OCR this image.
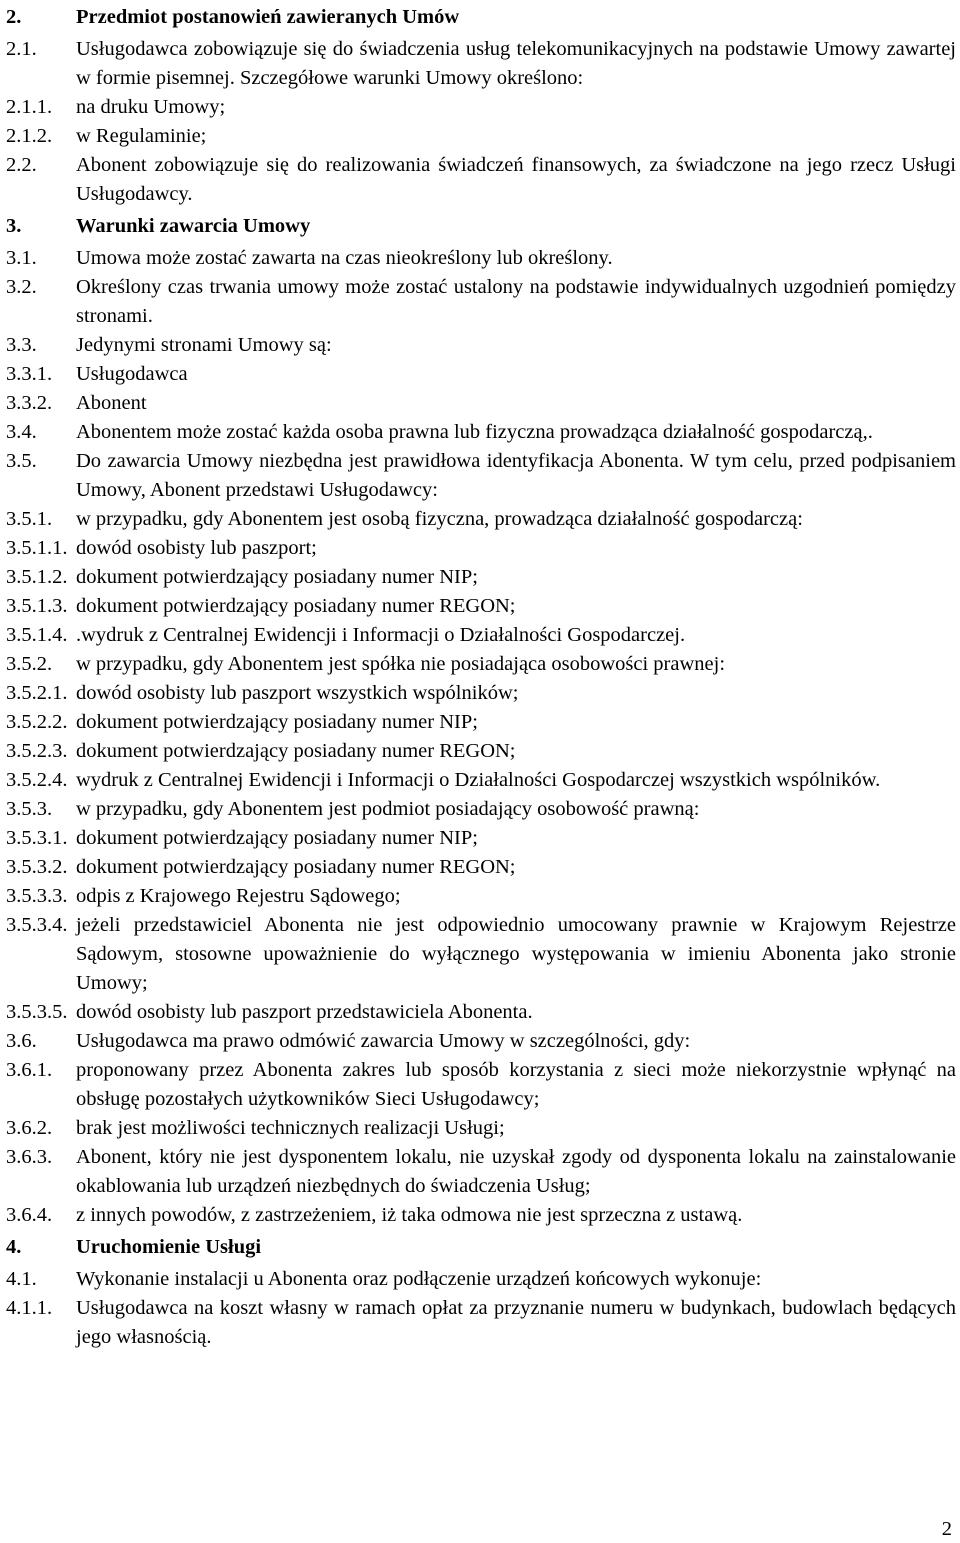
2.	Przedmiot postanowień zawieranych Umów
2.1. Usługodawca zobowiązuje się do świadczenia usług telekomunikacyjnych na podstawie Umowy zawartej w formie pisemnej. Szczegółowe warunki Umowy określono:
2.1.1. na druku Umowy;
2.1.2. w Regulaminie;
2.2. Abonent zobowiązuje się do realizowania świadczeń finansowych, za świadczone na jego rzecz Usługi Usługodawcy.
3.	Warunki zawarcia Umowy
3.1. Umowa może zostać zawarta na czas nieokreślony lub określony.
3.2. Określony czas trwania umowy może zostać ustalony na podstawie indywidualnych uzgodnień pomiędzy stronami.
3.3. Jedynymi stronami Umowy są:
3.3.1. Usługodawca
3.3.2. Abonent
3.4. Abonentem może zostać każda osoba prawna lub fizyczna prowadząca działalność gospodarczą,.
3.5. Do zawarcia Umowy niezbędna jest prawidłowa identyfikacja Abonenta. W tym celu, przed podpisaniem Umowy, Abonent przedstawi Usługodawcy:
3.5.1. w przypadku, gdy Abonentem jest osobą fizyczna, prowadząca działalność gospodarczą:
3.5.1.1. dowód osobisty lub paszport;
3.5.1.2. dokument potwierdzający posiadany numer NIP;
3.5.1.3. dokument potwierdzający posiadany numer REGON;
3.5.1.4. .wydruk z Centralnej Ewidencji i Informacji o Działalności Gospodarczej.
3.5.2. w przypadku, gdy Abonentem jest spółka nie posiadająca osobowości prawnej:
3.5.2.1. dowód osobisty lub paszport wszystkich wspólników;
3.5.2.2. dokument potwierdzający posiadany numer NIP;
3.5.2.3. dokument potwierdzający posiadany numer REGON;
3.5.2.4. wydruk z Centralnej Ewidencji i Informacji o Działalności Gospodarczej wszystkich wspólników.
3.5.3. w przypadku, gdy Abonentem jest podmiot posiadający osobowość prawną:
3.5.3.1. dokument potwierdzający posiadany numer NIP;
3.5.3.2. dokument potwierdzający posiadany numer REGON;
3.5.3.3. odpis z Krajowego Rejestru Sądowego;
3.5.3.4. jeżeli przedstawiciel Abonenta nie jest odpowiednio umocowany prawnie w Krajowym Rejestrze Sądowym, stosowne upoważnienie do wyłącznego występowania w imieniu Abonenta jako stronie Umowy;
3.5.3.5. dowód osobisty lub paszport przedstawiciela Abonenta.
3.6. Usługodawca ma prawo odmówić zawarcia Umowy w szczególności, gdy:
3.6.1. proponowany przez Abonenta zakres lub sposób korzystania z sieci może niekorzystnie wpłynąć na obsługę pozostałych użytkowników Sieci Usługodawcy;
3.6.2. brak jest możliwości technicznych realizacji Usługi;
3.6.3. Abonent, który nie jest dysponentem lokalu, nie uzyskał zgody od dysponenta lokalu na zainstalowanie okablowania lub urządzeń niezbędnych do świadczenia Usług;
3.6.4. z innych powodów, z zastrzeżeniem, iż taka odmowa nie jest sprzeczna z ustawą.
4.	Uruchomienie Usługi
4.1. Wykonanie instalacji u Abonenta oraz podłączenie urządzeń końcowych wykonuje:
4.1.1. Usługodawca na koszt własny w ramach opłat za przyznanie numeru w budynkach, budowlach będących jego własnością.
2
